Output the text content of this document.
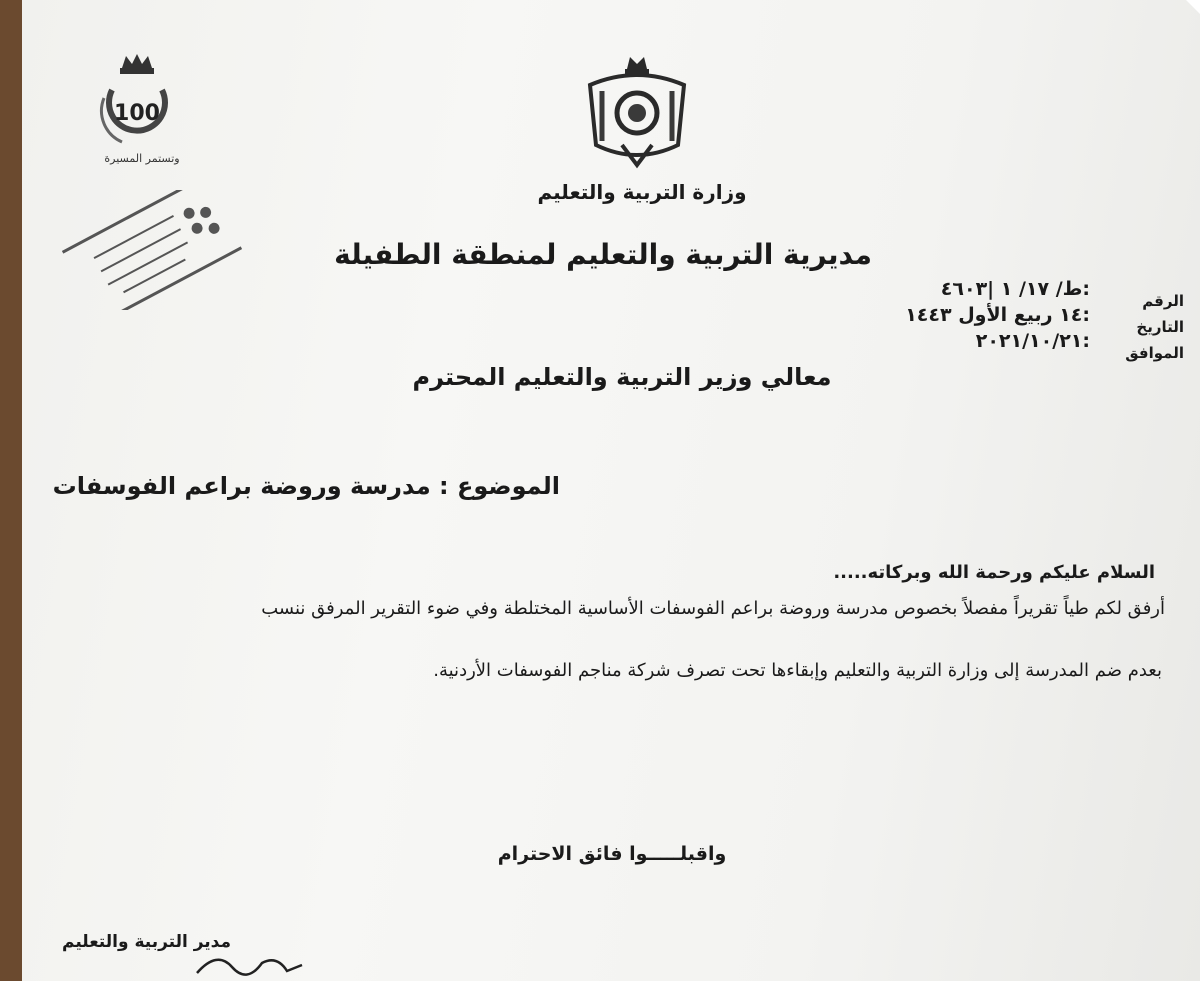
100
وتستمر المسيرة
وزارة التربية والتعليم
مديرية التربية والتعليم لمنطقة الطفيلة
الرقم
التاريخ
الموافق
:ط/ ١٧/ ١ |٤٦٠٣
:١٤ ربيع الأول ١٤٤٣
:٢٠٢١/١٠/٢١
معالي وزير التربية والتعليم المحترم
الموضوع : مدرسة وروضة براعم الفوسفات
السلام عليكم ورحمة الله وبركاته.....
أرفق لكم طياً تقريراً مفصلاً بخصوص مدرسة وروضة براعم الفوسفات الأساسية المختلطة وفي ضوء التقرير المرفق ننسب
بعدم ضم المدرسة إلى وزارة التربية والتعليم وإبقاءها تحت تصرف شركة مناجم الفوسفات الأردنية.
واقبلـــــوا فائق الاحترام
مدير التربية والتعليم
